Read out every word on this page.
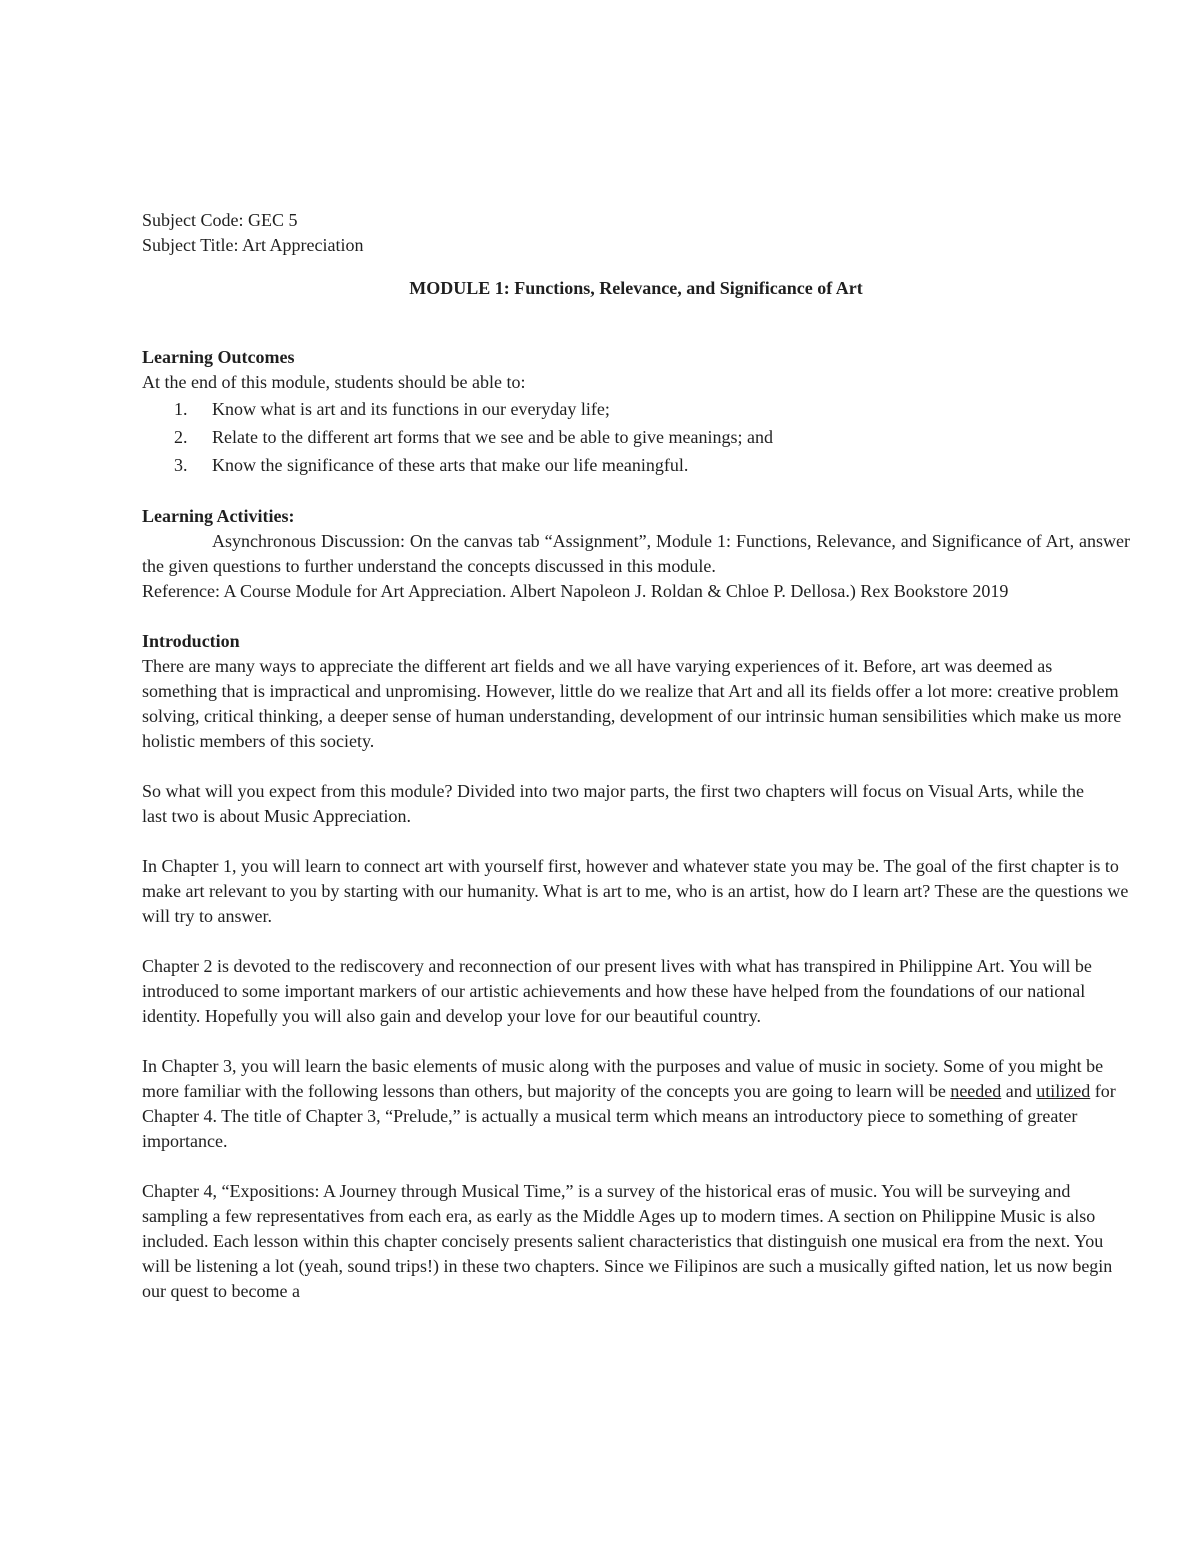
Subject Code: GEC 5

Subject Title: Art Appreciation

MODULE 1: Functions, Relevance, and Significance of Art

Learning Outcomes

At the end of this module, students should be able to:

1.	Know what is art and its functions in our everyday life;
2.	Relate to the different art forms that we see and be able to give meanings; and
3.	Know the significance of these arts that make our life meaningful.
Learning Activities:

Asynchronous Discussion: On the canvas tab “Assignment”, Module 1: Functions, Relevance, and Significance of Art, answer the given questions to further understand the concepts discussed in this module.

Reference: A Course Module for Art Appreciation. Albert Napoleon J. Roldan & Chloe P. Dellosa.) Rex Bookstore 2019

Introduction

There are many ways to appreciate the different art fields and we all have varying experiences of it. Before, art was deemed as something that is impractical and unpromising. However, little do we realize that Art and all its fields offer a lot more: creative problem solving, critical thinking, a deeper sense of human understanding, development of our intrinsic human sensibilities which make us more holistic members of this society.

So what will you expect from this module? Divided into two major parts, the first two chapters will focus on Visual Arts, while the last two is about Music Appreciation.

In Chapter 1, you will learn to connect art with yourself first, however and whatever state you may be. The goal of the first chapter is to make art relevant to you by starting with our humanity. What is art to me, who is an artist, how do I learn art? These are the questions we will try to answer.

Chapter 2 is devoted to the rediscovery and reconnection of our present lives with what has transpired in Philippine Art. You will be introduced to some important markers of our artistic achievements and how these have helped from the foundations of our national identity. Hopefully you will also gain and develop your love for our beautiful country.

In Chapter 3, you will learn the basic elements of music along with the purposes and value of music in society. Some of you might be more familiar with the following lessons than others, but majority of the concepts you are going to learn will be needed and utilized for Chapter 4. The title of Chapter 3, “Prelude,” is actually a musical term which means an introductory piece to something of greater importance.

Chapter 4, “Expositions: A Journey through Musical Time,” is a survey of the historical eras of music. You will be surveying and sampling a few representatives from each era, as early as the Middle Ages up to modern times. A section on Philippine Music is also included. Each lesson within this chapter concisely presents salient characteristics that distinguish one musical era from the next. You will be listening a lot (yeah, sound trips!) in these two chapters. Since we Filipinos are such a musically gifted nation, let us now begin our quest to become a
